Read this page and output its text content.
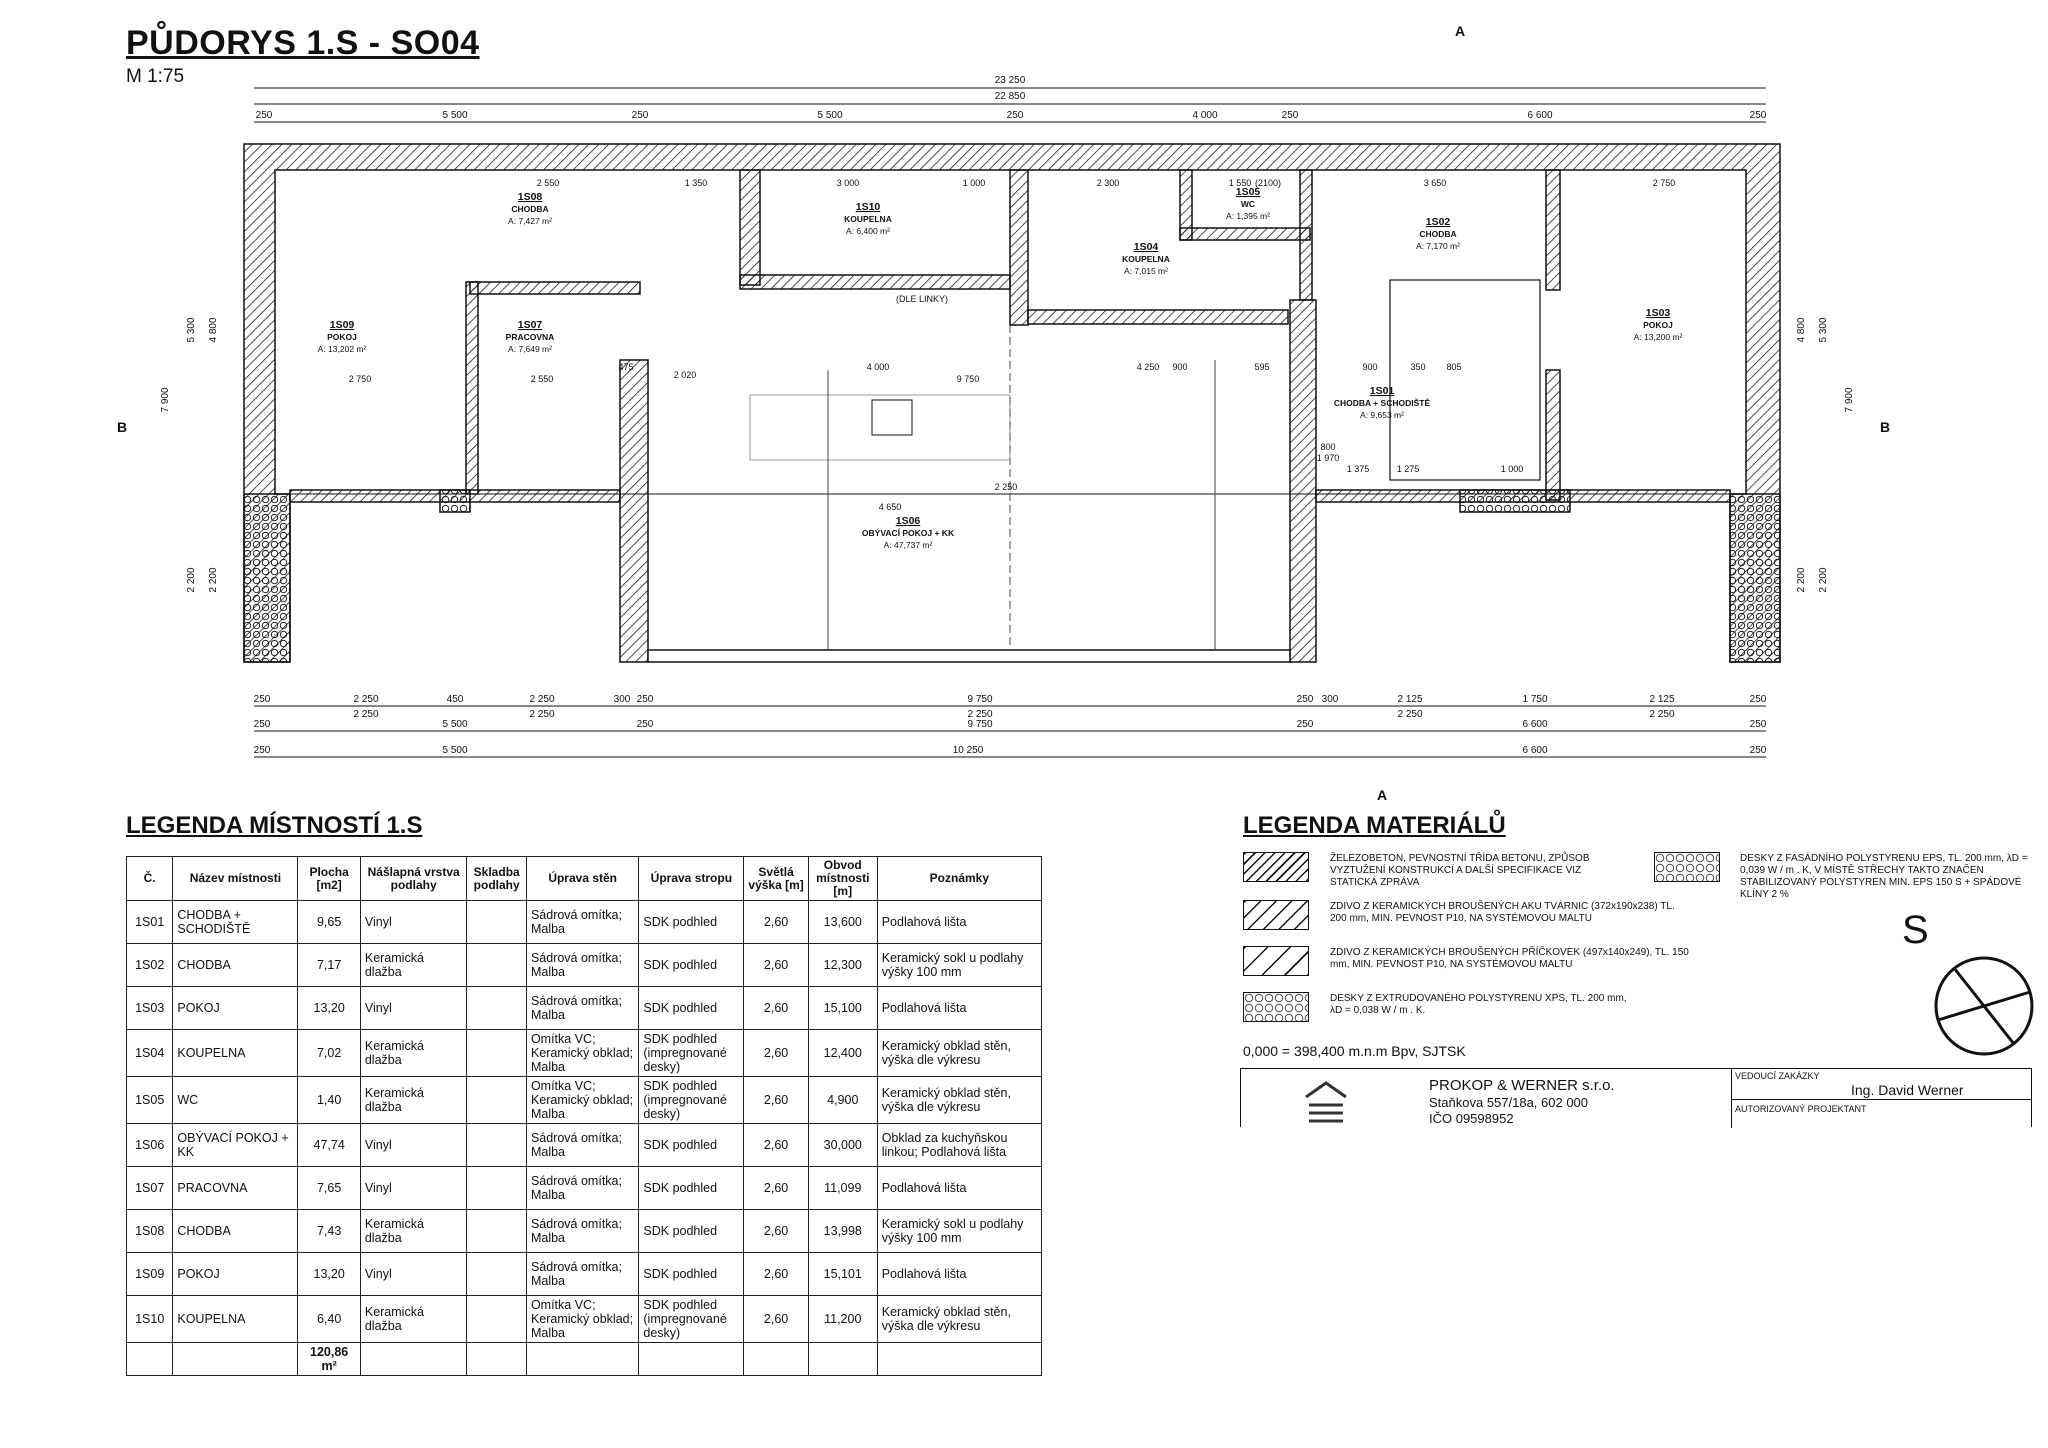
PŮDORYS 1.S - SO04
M 1:75	23 250
22 850
250	5 500	250	5 500	250	4 000	250	6 600	250
250	2 250	450	2 250	300 250	9 750	250 300	2 125	1 750	2 125	250
2 250	2 250	2 250	2 250	2 250
250	5 500	250	9 750	250	6 600	250
250	5 500	10 250	6 600	250
5 300 4 800
7 900
2 200 2 200
5 300
4 800
7 900
2 200
2 200
A
A
B	B
1S09
POKOJ
A: 13,202 m²
1S08
CHODBA
A: 7,427 m²
1S07
PRACOVNA
A: 7,649 m²
1S10
KOUPELNA
A: 6,400 m²
1S04
KOUPELNA
A: 7,015 m²
1S05
WC
A: 1,395 m²	1S02
CHODBA
A: 7,170 m²
1S03
POKOJ
A: 13,200 m²
1S01
CHODBA + SCHODIŠTĚ
A: 9,653 m²
1S06
OBÝVACÍ POKOJ + KK
A: 47,737 m²
2 550	1 350	3 000	1 000	2 300	1 550 (2100)	3 650	2 750
2 750	2 550
4 000
9 750
4 250 900
475
2 020
595	900	350 805
1 375	1 275	1 000
4 650
2 250
800
1 970
(DLE LINKY)
LEGENDA MÍSTNOSTÍ 1.S
Č.	Název místnosti	Plocha [m2]	Nášlapná vrstva podlahy	Skladba podlahy	Úprava stěn	Úprava stropu	Světlá výška [m]	Obvod místnosti [m]	Poznámky
1S01	CHODBA + SCHODIŠTĚ	9,65	Vinyl		Sádrová omítka; Malba	SDK podhled	2,60	13,600	Podlahová lišta
1S02	CHODBA	7,17	Keramická dlažba		Sádrová omítka; Malba	SDK podhled	2,60	12,300	Keramický sokl u podlahy výšky 100 mm
1S03	POKOJ	13,20	Vinyl		Sádrová omítka; Malba	SDK podhled	2,60	15,100	Podlahová lišta
1S04	KOUPELNA	7,02	Keramická dlažba		Omítka VC; Keramický obklad; Malba	SDK podhled (impregnované desky)	2,60	12,400	Keramický obklad stěn, výška dle výkresu
1S05	WC	1,40	Keramická dlažba		Omítka VC; Keramický obklad; Malba	SDK podhled (impregnované desky)	2,60	4,900	Keramický obklad stěn, výška dle výkresu
1S06	OBÝVACÍ POKOJ + KK	47,74	Vinyl		Sádrová omítka; Malba	SDK podhled	2,60	30,000	Obklad za kuchyňskou linkou; Podlahová lišta
1S07	PRACOVNA	7,65	Vinyl		Sádrová omítka; Malba	SDK podhled	2,60	11,099	Podlahová lišta
1S08	CHODBA	7,43	Keramická dlažba		Sádrová omítka; Malba	SDK podhled	2,60	13,998	Keramický sokl u podlahy výšky 100 mm
1S09	POKOJ	13,20	Vinyl		Sádrová omítka; Malba	SDK podhled	2,60	15,101	Podlahová lišta
1S10	KOUPELNA	6,40	Keramická dlažba		Omítka VC; Keramický obklad; Malba	SDK podhled (impregnované desky)	2,60	11,200	Keramický obklad stěn, výška dle výkresu
		120,86 m²							
LEGENDA MATERIÁLŮ
ŽELEZOBETON, PEVNOSTNÍ TŘÍDA BETONU, ZPŮSOB VYZTUŽENÍ KONSTRUKCÍ A DALŠÍ SPECIFIKACE VIZ STATICKÁ ZPRÁVA
ZDIVO Z KERAMICKÝCH BROUŠENÝCH AKU TVÁRNIC (372x190x238) TL. 200 mm, MIN. PEVNOST P10, NA SYSTÉMOVOU MALTU
ZDIVO Z KERAMICKÝCH BROUŠENÝCH PŘÍČKOVEK (497x140x249), TL. 150 mm, MIN. PEVNOST P10, NA SYSTÉMOVOU MALTU
DESKY Z EXTRUDOVANÉHO POLYSTYRENU XPS, TL. 200 mm, λD = 0,038 W / m . K.
DESKY Z FASÁDNÍHO POLYSTYRENU EPS, TL. 200 mm, λD = 0,039 W / m . K, V MÍSTĚ STŘECHY TAKTO ZNAČEN STABILIZOVANÝ POLYSTYREN MIN. EPS 150 S + SPÁDOVÉ KLÍNY 2 %
0,000 = 398,400 m.n.m Bpv, SJTSK
S
PROKOP & WERNER s.r.o.
Staňkova 557/18a, 602 000
IČO 09598952
VEDOUCÍ ZAKÁZKY
Ing. David Werner
AUTORIZOVANÝ PROJEKTANT
